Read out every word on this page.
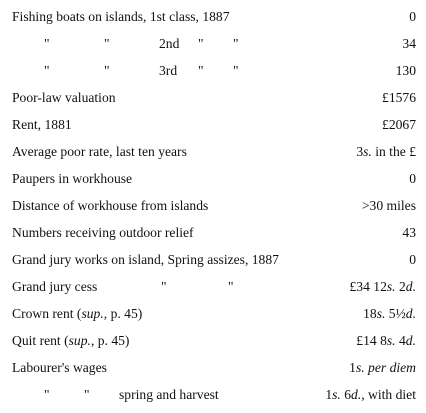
Fishing boats on islands, 1st class, 1887	0
"	"	2nd " "	34
"	"	3rd " "	130
Poor-law valuation	£1576
Rent, 1881	£2067
Average poor rate, last ten years	3s. in the £
Paupers in workhouse	0
Distance of workhouse from islands	>30 miles
Numbers receiving outdoor relief	43
Grand jury works on island, Spring assizes, 1887	0
Grand jury cess	"	"	£34 12s. 2d.
Crown rent (sup., p. 45)	18s. 5½d.
Quit rent (sup., p. 45)	£14 8s. 4d.
Labourer's wages	1s. per diem
"	" spring and harvest	1s. 6d., with diet
